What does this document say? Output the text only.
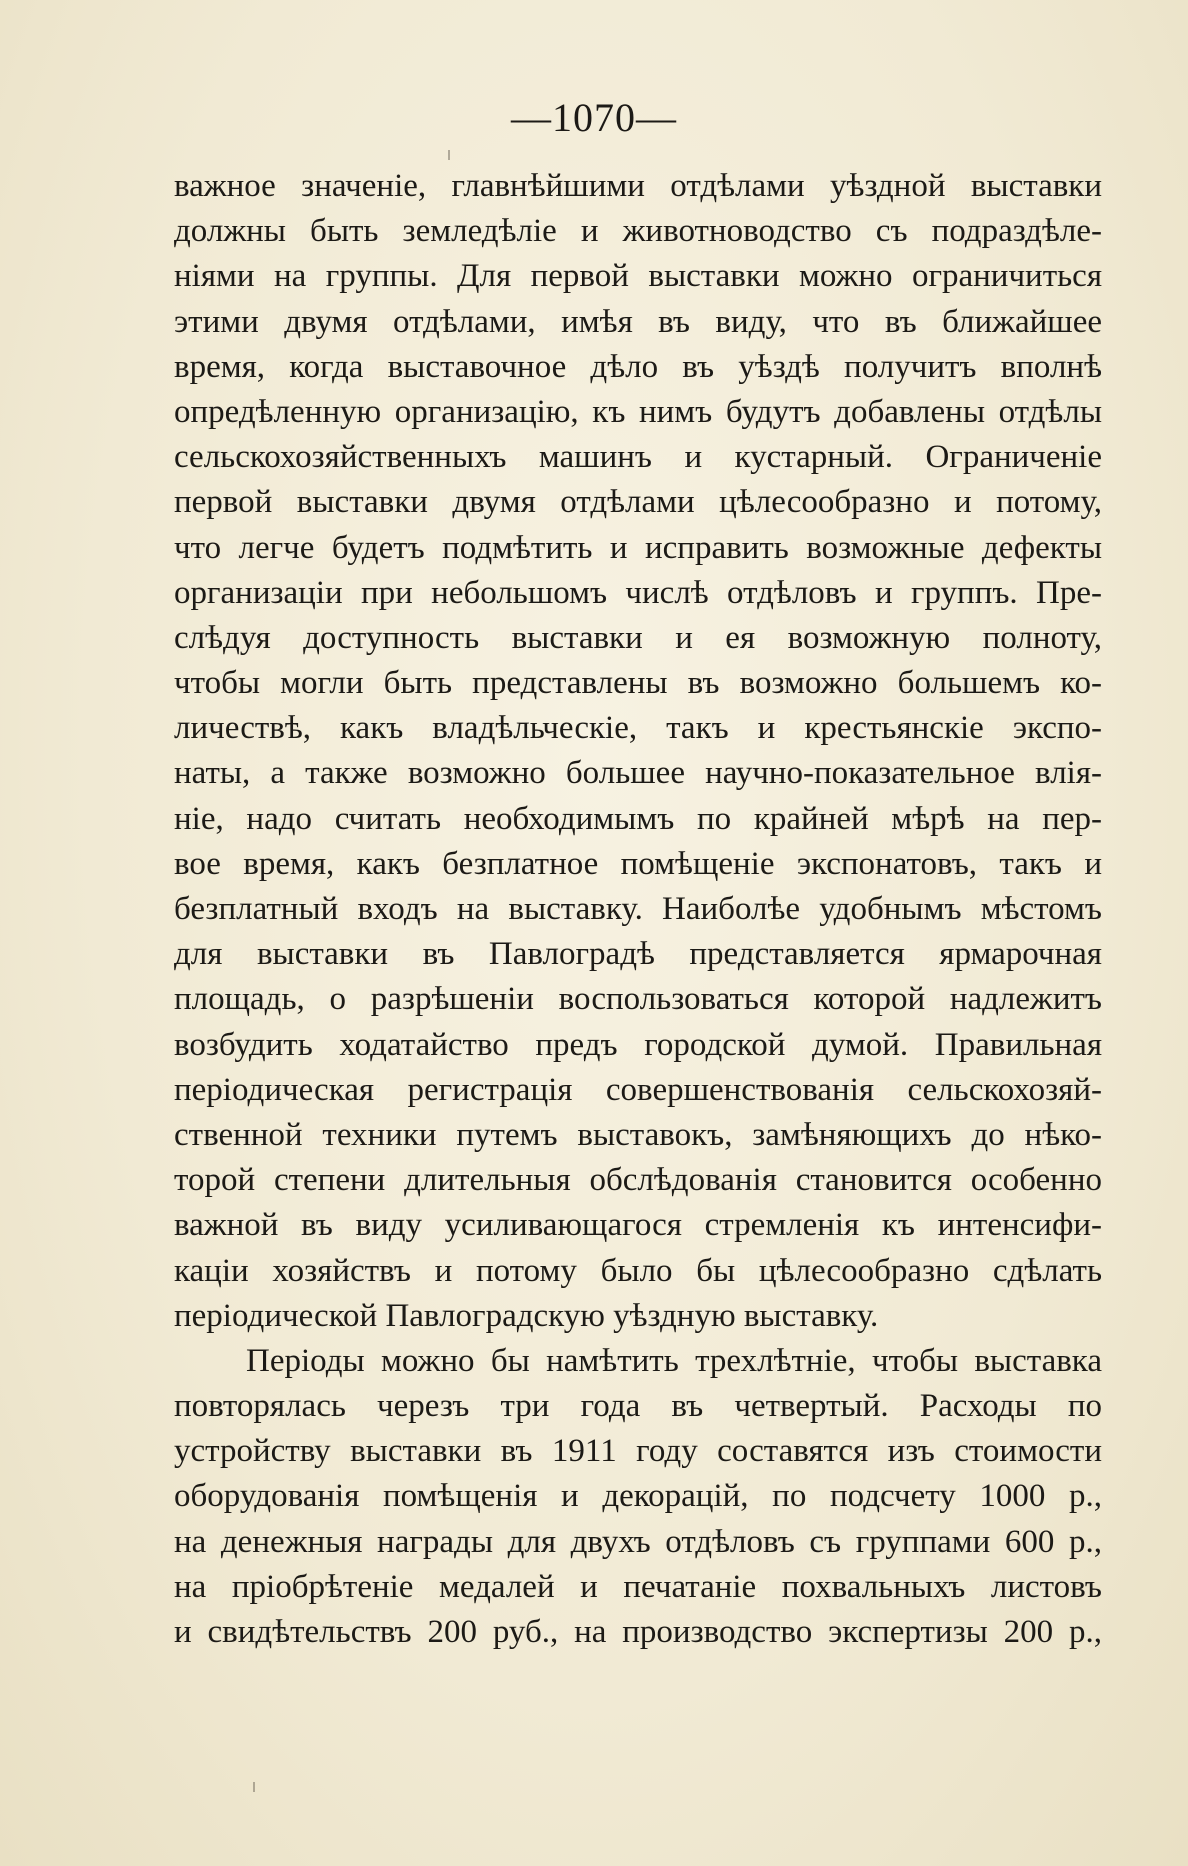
—1070—
важное значеніе, главнѣйшими отдѣлами уѣздной выставки
должны быть земледѣліе и животноводство съ подраздѣле-
ніями на группы. Для первой выставки можно ограничиться
этими двумя отдѣлами, имѣя въ виду, что въ ближайшее
время, когда выставочное дѣло въ уѣздѣ получитъ вполнѣ
опредѣленную организацію, къ нимъ будутъ добавлены отдѣлы
сельскохозяйственныхъ машинъ и кустарный. Ограниченіе
первой выставки двумя отдѣлами цѣлесообразно и потому,
что легче будетъ подмѣтить и исправить возможные дефекты
организаціи при небольшомъ числѣ отдѣловъ и группъ. Пре-
слѣдуя доступность выставки и ея возможную полноту,
чтобы могли быть представлены въ возможно большемъ ко-
личествѣ, какъ владѣльческіе, такъ и крестьянскіе экспо-
наты, а также возможно большее научно-показательное влія-
ніе, надо считать необходимымъ по крайней мѣрѣ на пер-
вое время, какъ безплатное помѣщеніе экспонатовъ, такъ и
безплатный входъ на выставку. Наиболѣе удобнымъ мѣстомъ
для выставки въ Павлоградѣ представляется ярмарочная
площадь, о разрѣшеніи воспользоваться которой надлежитъ
возбудить ходатайство предъ городской думой. Правильная
періодическая регистрація совершенствованія сельскохозяй-
ственной техники путемъ выставокъ, замѣняющихъ до нѣко-
торой степени длительныя обслѣдованія становится особенно
важной въ виду усиливающагося стремленія къ интенсифи-
каціи хозяйствъ и потому было бы цѣлесообразно сдѣлать
періодической Павлоградскую уѣздную выставку.
Періоды можно бы намѣтить трехлѣтніе, чтобы выставка
повторялась черезъ три года въ четвертый. Расходы по
устройству выставки въ 1911 году составятся изъ стоимости
оборудованія помѣщенія и декорацій, по подсчету 1000 р.,
на денежныя награды для двухъ отдѣловъ съ группами 600 р.,
на пріобрѣтеніе медалей и печатаніе похвальныхъ листовъ
и свидѣтельствъ 200 руб., на производство экспертизы 200 р.,
